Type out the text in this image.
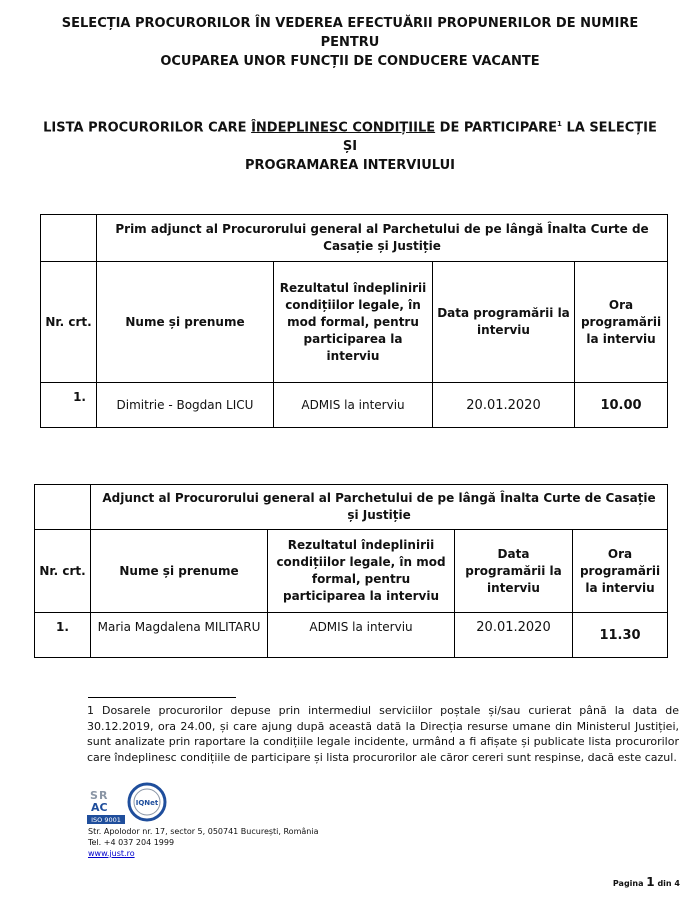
SELECȚIA PROCURORILOR ÎN VEDEREA EFECTUĂRII PROPUNERILOR DE NUMIRE PENTRU
OCUPAREA UNOR FUNCȚII DE CONDUCERE VACANTE
LISTA PROCURORILOR CARE ÎNDEPLINESC CONDIȚIILE DE PARTICIPARE$^1$ LA SELECȚIE ȘI
PROGRAMAREA INTERVIULUI
	Prim adjunct al Procurorului general al Parchetului de pe lângă Înalta Curte de Casație și Justiție			
Nr. crt.	Nume și prenume	Rezultatul îndeplinirii condițiilor legale, în mod formal, pentru participarea la interviu	Data programării la interviu	Ora programării la interviu
1.	Dimitrie - Bogdan LICU	ADMIS la interviu	20.01.2020	10.00
	Adjunct al Procurorului general al Parchetului de pe lângă Înalta Curte de Casație și Justiție			
Nr. crt.	Nume și prenume	Rezultatul îndeplinirii condițiilor legale, în mod formal, pentru participarea la interviu	Data programării la interviu	Ora programării la interviu
1.	Maria Magdalena MILITARU	ADMIS la interviu	20.01.2020	11.30
1 Dosarele procurorilor depuse prin intermediul serviciilor poștale și/sau curierat până la data de 30.12.2019, ora 24.00, și care ajung după această dată la Direcția resurse umane din Ministerul Justiției, sunt analizate prin raportare la condițiile legale incidente, urmând a fi afișate și publicate lista procurorilor care îndeplinesc condițiile de participare și lista procurorilor ale căror cereri sunt respinse, dacă este cazul.
S R
AC
ISO 9001
IQNet
Str. Apolodor nr. 17, sector 5, 050741 București, România
Tel. +4 037 204 1999
www.just.ro
Pagina 1 din 4
